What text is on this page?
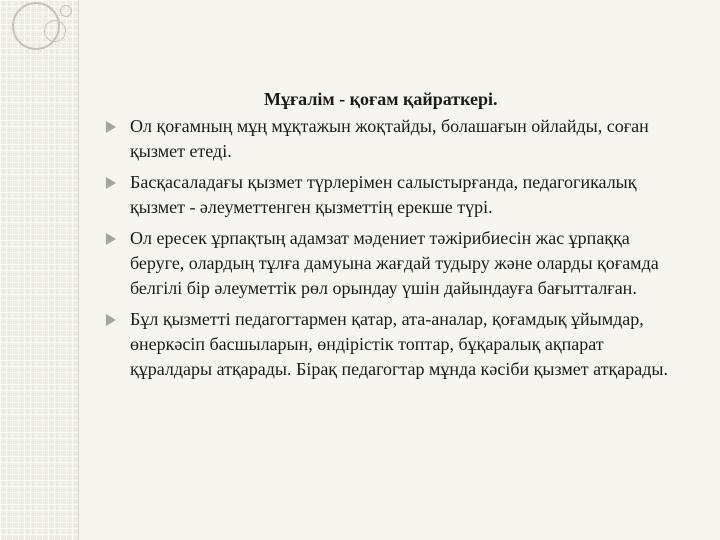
Мұғалім - қоғам қайраткері.
Ол қоғамның мұң мұқтажын жоқтайды, болашағын ойлайды, соған қызмет етеді.
Басқасаладағы қызмет түрлерімен салыстырғанда, педагогикалық қызмет - әлеуметтенген қызметтің ерекше түрі.
Ол ересек ұрпақтың адамзат мәдениет тәжірибиесін жас ұрпаққа беруге, олардың тұлға дамуына жағдай тудыру және оларды қоғамда белгілі бір әлеуметтік рөл орындау үшін дайындауға бағытталған.
Бұл қызметті педагогтармен қатар, ата-аналар, қоғамдық ұйымдар, өнеркәсіп басшыларын, өндірістік топтар, бұқаралық ақпарат құралдары атқарады. Бірақ педагогтар мұнда кәсіби қызмет атқарады.
